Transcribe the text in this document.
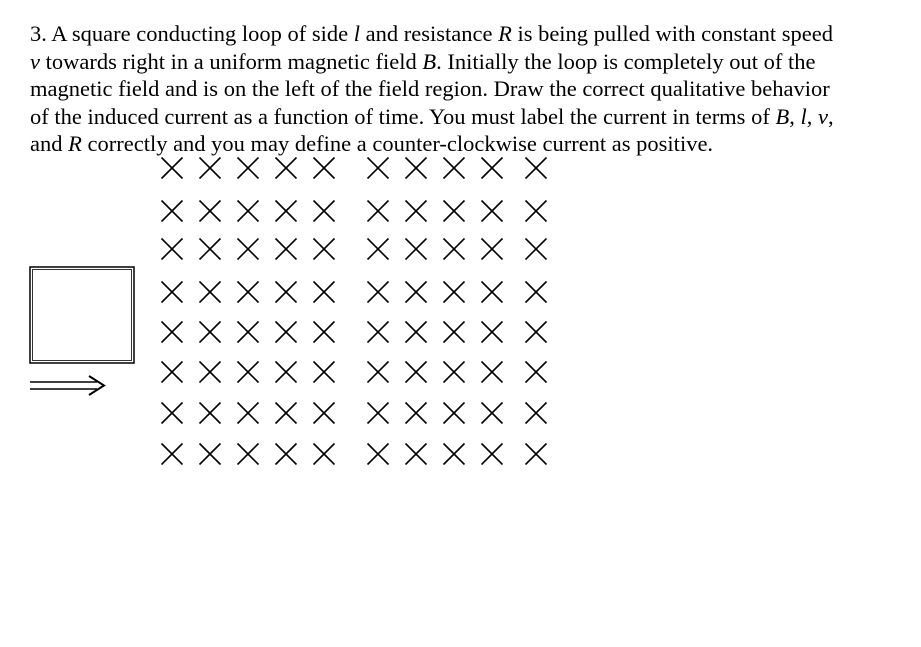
3. A square conducting loop of side l and resistance R is being pulled with constant speed
v towards right in a uniform magnetic field B. Initially the loop is completely out of the
magnetic field and is on the left of the field region. Draw the correct qualitative behavior
of the induced current as a function of time. You must label the current in terms of B, l, v,
and R correctly and you may define a counter-clockwise current as positive.
